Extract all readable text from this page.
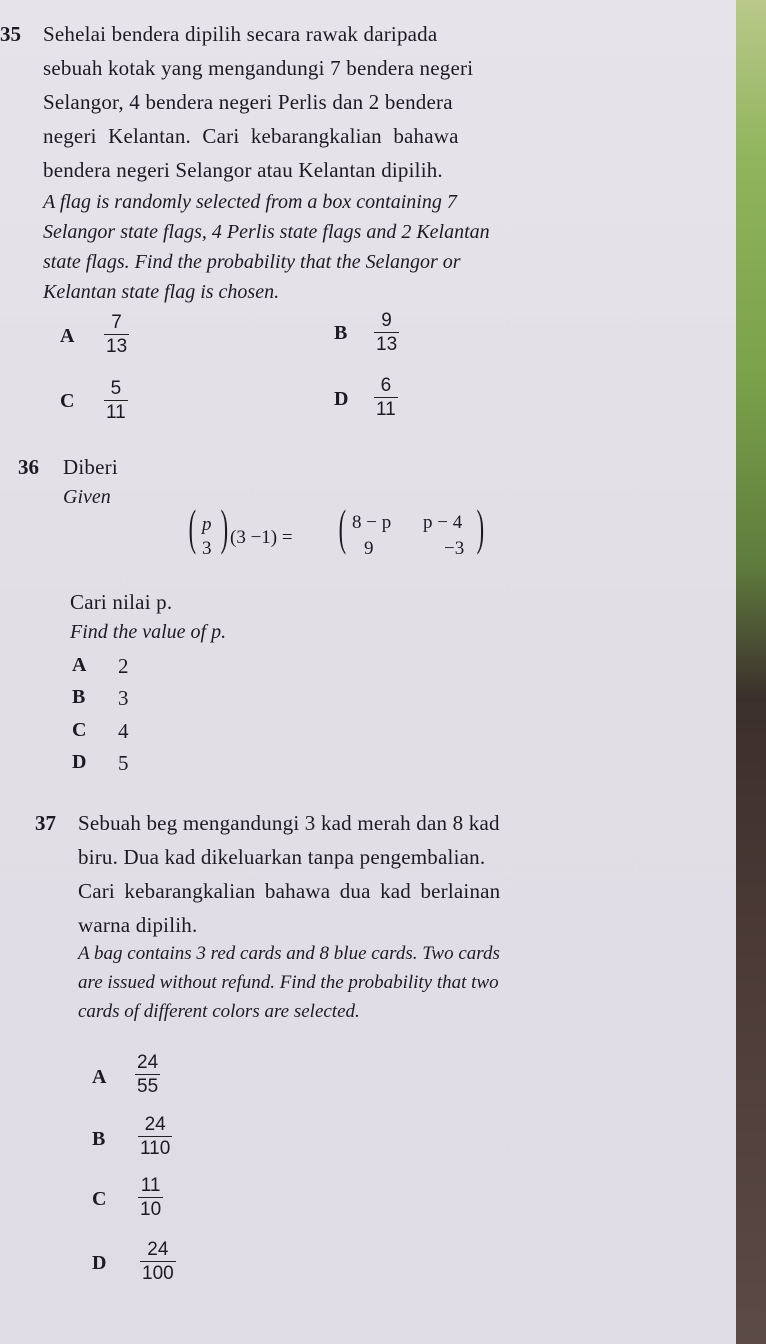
35 Sehelai bendera dipilih secara rawak daripada
sebuah kotak yang mengandungi 7 bendera negeri
Selangor, 4 bendera negeri Perlis dan 2 bendera
negeri Kelantan. Cari kebarangkalian bahawa
bendera negeri Selangor atau Kelantan dipilih.
A flag is randomly selected from a box containing 7
Selangor state flags, 4 Perlis state flags and 2 Kelantan
state flags. Find the probability that the Selangor or
Kelantan state flag is chosen.
A
7
13
B
9
13
C
5
11
D
6
11
36 Diberi
Given
( p
3 ) (3 −1) = ( 8 − p p − 4
9	−3 )
Cari nilai p.
Find the value of p.
A 2
B 3
C 4
D 5
37 Sebuah beg mengandungi 3 kad merah dan 8 kad
biru. Dua kad dikeluarkan tanpa pengembalian.
Cari kebarangkalian bahawa dua kad berlainan
warna dipilih.
A bag contains 3 red cards and 8 blue cards. Two cards
are issued without refund. Find the probability that two
cards of different colors are selected.
A
24
55
B
24
110
C
11
10
D
24
100
